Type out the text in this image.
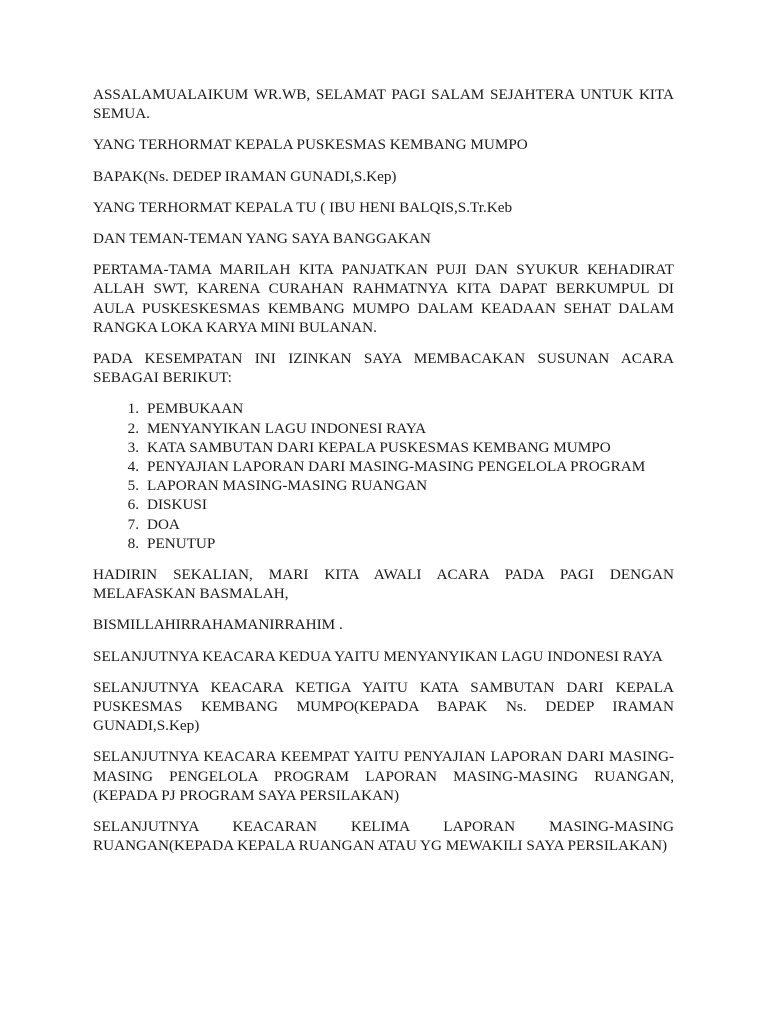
ASSALAMUALAIKUM WR.WB, SELAMAT PAGI SALAM SEJAHTERA UNTUK KITA SEMUA.

YANG TERHORMAT KEPALA PUSKESMAS KEMBANG MUMPO

BAPAK(Ns. DEDEP IRAMAN GUNADI,S.Kep)

YANG TERHORMAT KEPALA TU ( IBU HENI BALQIS,S.Tr.Keb

DAN TEMAN-TEMAN YANG SAYA BANGGAKAN

PERTAMA-TAMA MARILAH KITA PANJATKAN PUJI DAN SYUKUR KEHADIRAT ALLAH SWT, KARENA CURAHAN RAHMATNYA KITA DAPAT BERKUMPUL DI AULA PUSKESKESMAS KEMBANG MUMPO DALAM KEADAAN SEHAT DALAM RANGKA LOKA KARYA MINI BULANAN.

PADA KESEMPATAN INI IZINKAN SAYA MEMBACAKAN SUSUNAN ACARA SEBAGAI BERIKUT:

1. PEMBUKAAN
2. MENYANYIKAN LAGU INDONESI RAYA
3. KATA SAMBUTAN DARI KEPALA PUSKESMAS KEMBANG MUMPO
4. PENYAJIAN LAPORAN DARI MASING-MASING PENGELOLA PROGRAM
5. LAPORAN MASING-MASING RUANGAN
6. DISKUSI
7. DOA
8. PENUTUP

HADIRIN SEKALIAN, MARI KITA AWALI ACARA PADA PAGI DENGAN MELAFASKAN BASMALAH,

BISMILLAHIRRAHAMANIRRAHIM .

SELANJUTNYA KEACARA KEDUA YAITU MENYANYIKAN LAGU INDONESI RAYA

SELANJUTNYA KEACARA KETIGA YAITU KATA SAMBUTAN DARI KEPALA PUSKESMAS KEMBANG MUMPO(KEPADA BAPAK Ns. DEDEP IRAMAN GUNADI,S.Kep)

SELANJUTNYA KEACARA KEEMPAT YAITU PENYAJIAN LAPORAN DARI MASING-MASING PENGELOLA PROGRAM LAPORAN MASING-MASING RUANGAN, (KEPADA PJ PROGRAM SAYA PERSILAKAN)

SELANJUTNYA KEACARAN KELIMA LAPORAN MASING-MASING RUANGAN(KEPADA KEPALA RUANGAN ATAU YG MEWAKILI SAYA PERSILAKAN)
